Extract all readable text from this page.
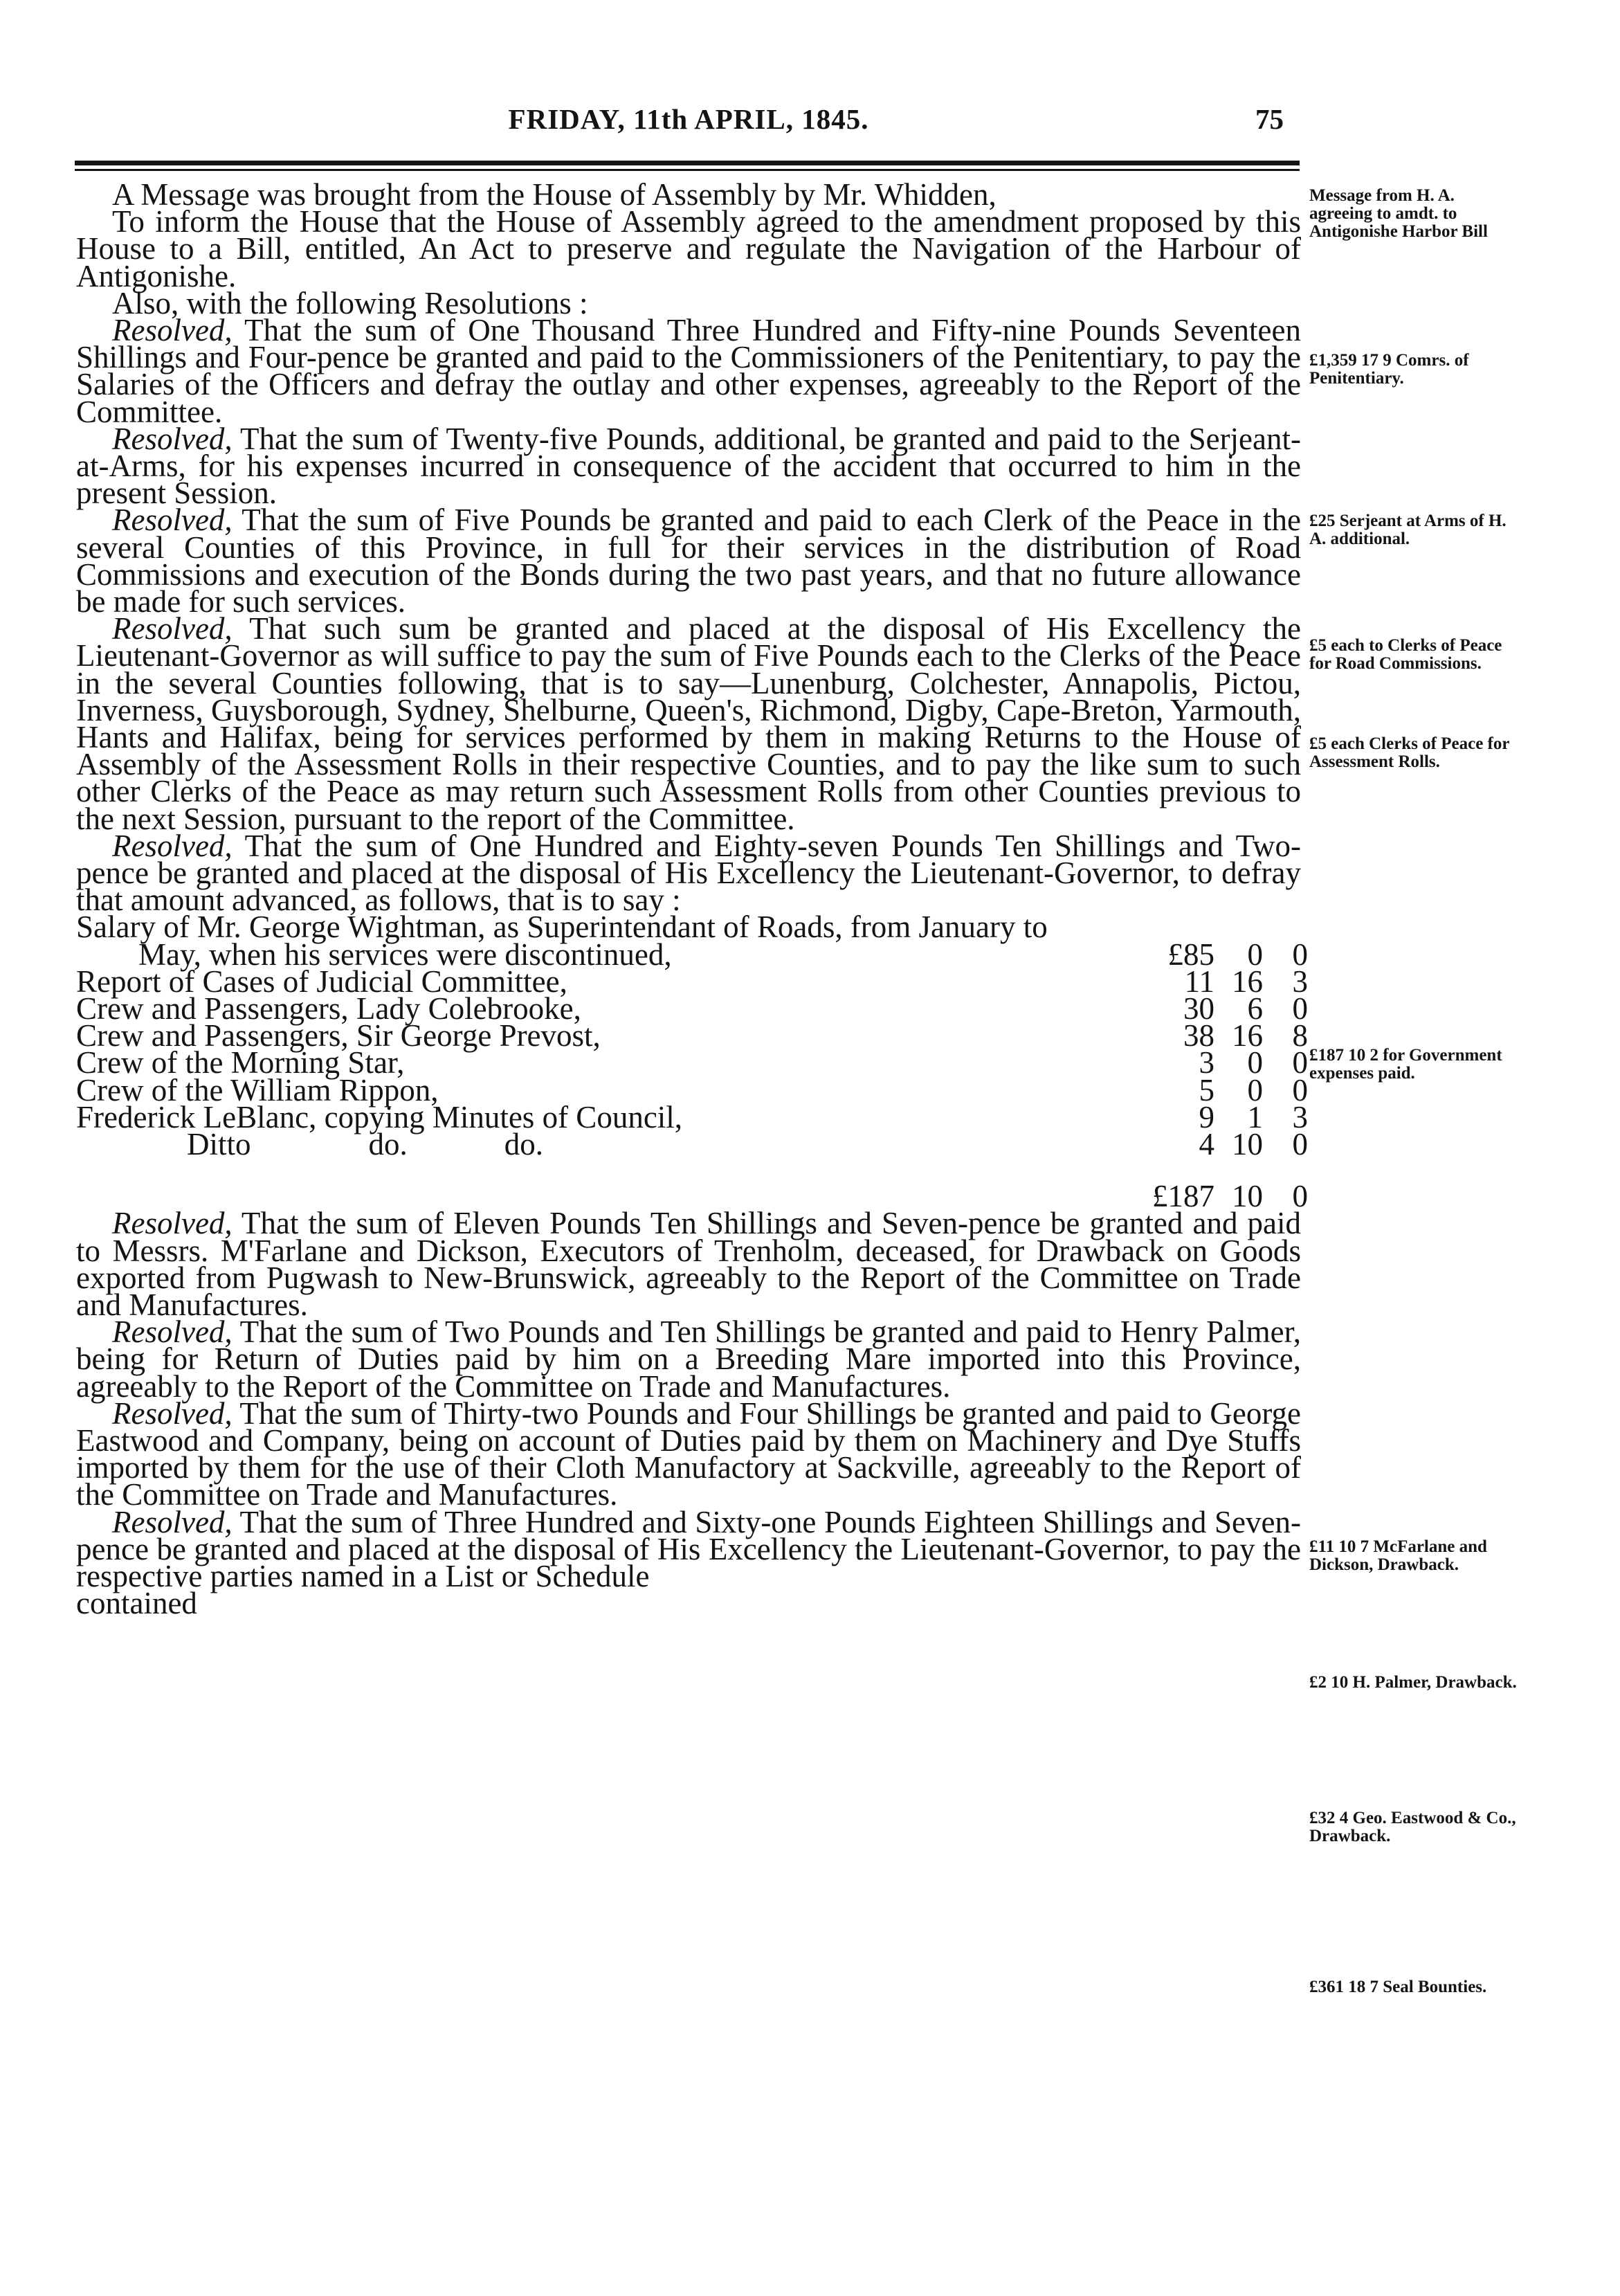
FRIDAY, 11th APRIL, 1845.	75

A Message was brought from the House of Assembly by Mr. Whidden,

To inform the House that the House of Assembly agreed to the amendment proposed by this House to a Bill, entitled, An Act to preserve and regulate the Navigation of the Harbour of Antigonishe.

Also, with the following Resolutions :

Resolved, That the sum of One Thousand Three Hundred and Fifty-nine Pounds Seventeen Shillings and Four-pence be granted and paid to the Commissioners of the Penitentiary, to pay the Salaries of the Officers and defray the outlay and other expenses, agreeably to the Report of the Committee.

Resolved, That the sum of Twenty-five Pounds, additional, be granted and paid to the Serjeant-at-Arms, for his expenses incurred in consequence of the accident that occurred to him in the present Session.

Resolved, That the sum of Five Pounds be granted and paid to each Clerk of the Peace in the several Counties of this Province, in full for their services in the distribution of Road Commissions and execution of the Bonds during the two past years, and that no future allowance be made for such services.

Resolved, That such sum be granted and placed at the disposal of His Excellency the Lieutenant-Governor as will suffice to pay the sum of Five Pounds each to the Clerks of the Peace in the several Counties following, that is to say—Lunenburg, Colchester, Annapolis, Pictou, Inverness, Guysborough, Sydney, Shelburne, Queen's, Richmond, Digby, Cape-Breton, Yarmouth, Hants and Halifax, being for services performed by them in making Returns to the House of Assembly of the Assessment Rolls in their respective Counties, and to pay the like sum to such other Clerks of the Peace as may return such Assessment Rolls from other Counties previous to the next Session, pursuant to the report of the Committee.

Resolved, That the sum of One Hundred and Eighty-seven Pounds Ten Shillings and Two-pence be granted and placed at the disposal of His Excellency the Lieutenant-Governor, to defray that amount advanced, as follows, that is to say :

Salary of Mr. George Wightman, as Superintendant of Roads, from January to
May, when his services were discontinued,	£85	0 0
Report of Cases of Judicial Committee,	11 16 3
Crew and Passengers, Lady Colebrooke,	30	6 0
Crew and Passengers, Sir George Prevost,	38 16 8
Crew of the Morning Star,	3	0 0
Crew of the William Rippon,	5	0 0
Frederick LeBlanc, copying Minutes of Council,	9	1 3
Ditto	do.	do.	4 10 0
£187 10 0

Resolved, That the sum of Eleven Pounds Ten Shillings and Seven-pence be granted and paid to Messrs. M'Farlane and Dickson, Executors of Trenholm, deceased, for Drawback on Goods exported from Pugwash to New-Brunswick, agreeably to the Report of the Committee on Trade and Manufactures.

Resolved, That the sum of Two Pounds and Ten Shillings be granted and paid to Henry Palmer, being for Return of Duties paid by him on a Breeding Mare imported into this Province, agreeably to the Report of the Committee on Trade and Manufactures.

Resolved, That the sum of Thirty-two Pounds and Four Shillings be granted and paid to George Eastwood and Company, being on account of Duties paid by them on Machinery and Dye Stuffs imported by them for the use of their Cloth Manufactory at Sackville, agreeably to the Report of the Committee on Trade and Manufactures.

Resolved, That the sum of Three Hundred and Sixty-one Pounds Eighteen Shillings and Seven-pence be granted and placed at the disposal of His Excellency the Lieutenant-Governor, to pay the respective parties named in a List or Schedule

contained
Message from H. A. agreeing to amdt. to Antigonishe Harbor Bill
£1,359 17 9 Comrs. of Penitentiary.
£25 Serjeant at Arms of H. A. additional.
£5 each to Clerks of Peace for Road Commissions.
£5 each Clerks of Peace for Assessment Rolls.
£187 10 2 for Government expenses paid.
£11 10 7 McFarlane and Dickson, Drawback.
£2 10 H. Palmer, Drawback.
£32 4 Geo. Eastwood & Co., Drawback.
£361 18 7 Seal Bounties.
